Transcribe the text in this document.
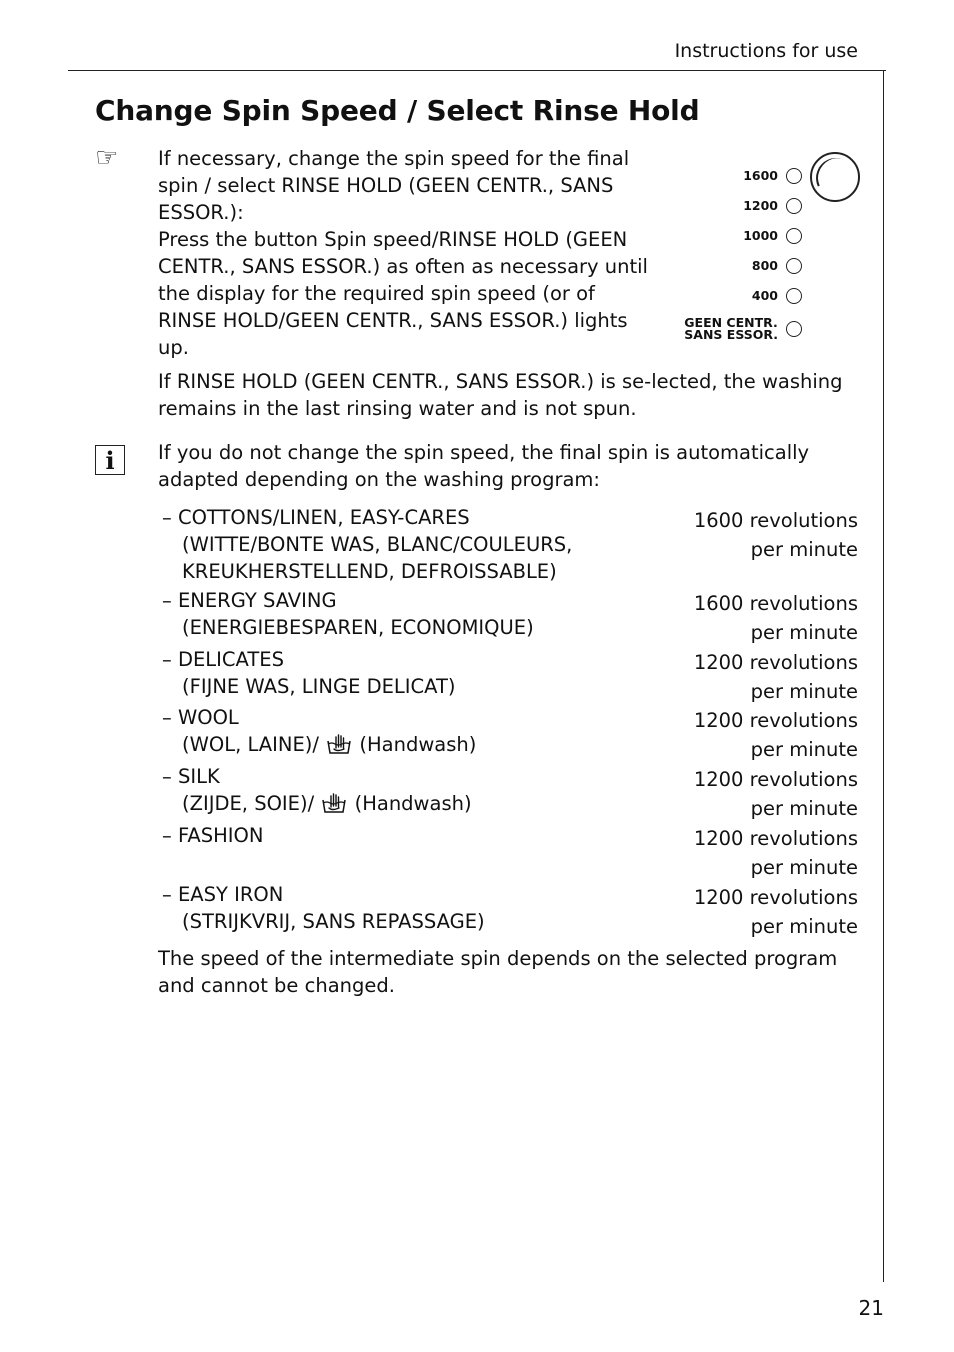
Instructions for use
Change Spin Speed / Select Rinse Hold
☞ If necessary, change the spin speed for the final spin / select RINSE HOLD (GEEN CENTR., SANS ESSOR.):

Press the button Spin speed/RINSE HOLD (GEEN CENTR., SANS ESSOR.) as often as necessary until the display for the required spin speed (or of RINSE HOLD/GEEN CENTR., SANS ESSOR.) lights up.

1600
1200
1000
800
400
GEEN CENTR.
SANS ESSOR.

If RINSE HOLD (GEEN CENTR., SANS ESSOR.) is se-lected, the washing remains in the last rinsing water and is not spun.

i	If you do not change the spin speed, the final spin is automatically adapted depending on the washing program:

– COTTONS/LINEN, EASY-CARES
(WITTE/BONTE WAS, BLANC/COULEURS,
KREUKHERSTELLEND, DEFROISSABLE)
1600 revolutions
per minute
– ENERGY SAVING
(ENERGIEBESPAREN, ECONOMIQUE)
1600 revolutions
per minute
– DELICATES
(FIJNE WAS, LINGE DELICAT)
1200 revolutions
per minute
– WOOL
(WOL, LAINE)/ (Handwash)
1200 revolutions
per minute
– SILK
(ZIJDE, SOIE)/ (Handwash)
1200 revolutions
per minute
– FASHION	1200 revolutions
per minute
– EASY IRON
(STRIJKVRIJ, SANS REPASSAGE)
1200 revolutions
per minute

The speed of the intermediate spin depends on the selected program and cannot be changed.

21
